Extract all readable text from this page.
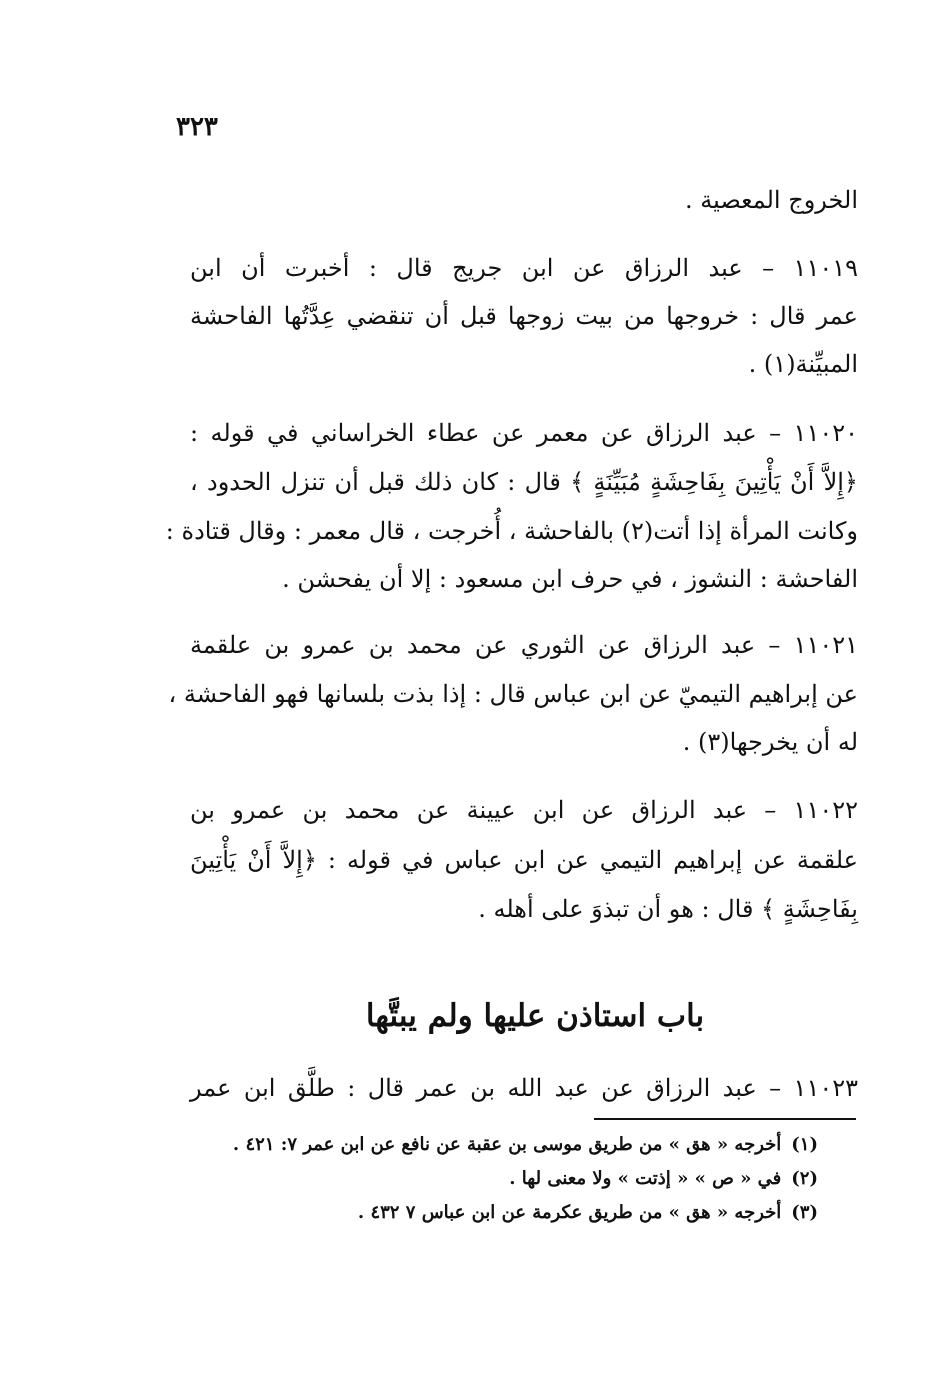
٣٢٣
الخروج المعصية .
١١٠١٩ – عبد الرزاق عن ابن جريج قال : أخبرت أن ابن
عمر قال : خروجها من بيت زوجها قبل أن تنقضي عِدَّتُها الفاحشة
المبيِّنة(١) .
١١٠٢٠ – عبد الرزاق عن معمر عن عطاء الخراساني في قوله :
﴿إِلاَّ أَنْ يَأْتِينَ بِفَاحِشَةٍ مُبَيِّنَةٍ ﴾ قال : كان ذلك قبل أن تنزل الحدود ،
وكانت المرأة إذا أتت(٢) بالفاحشة ، أُخرجت ، قال معمر : وقال قتادة :
الفاحشة : النشوز ، في حرف ابن مسعود : إلا أن يفحشن .
١١٠٢١ – عبد الرزاق عن الثوري عن محمد بن عمرو بن علقمة
عن إبراهيم التيميّ عن ابن عباس قال : إذا بذت بلسانها فهو الفاحشة ،
له أن يخرجها(٣) .
١١٠٢٢ – عبد الرزاق عن ابن عيينة عن محمد بن عمرو بن
علقمة عن إبراهيم التيمي عن ابن عباس في قوله : ﴿إِلاَّ أَنْ يَأْتِينَ
بِفَاحِشَةٍ ﴾ قال : هو أن تبذوَ على أهله .
باب استاذن عليها ولم يبتَّها
١١٠٢٣ – عبد الرزاق عن عبد الله بن عمر قال : طلَّق ابن عمر
(١)أخرجه « هق » من طريق موسى بن عقبة عن نافع عن ابن عمر ٧: ٤٢١ .
(٢)في « ص » « إذتت » ولا معنى لها .
(٣)أخرجه « هق » من طريق عكرمة عن ابن عباس ٧ ٤٣٢ .
